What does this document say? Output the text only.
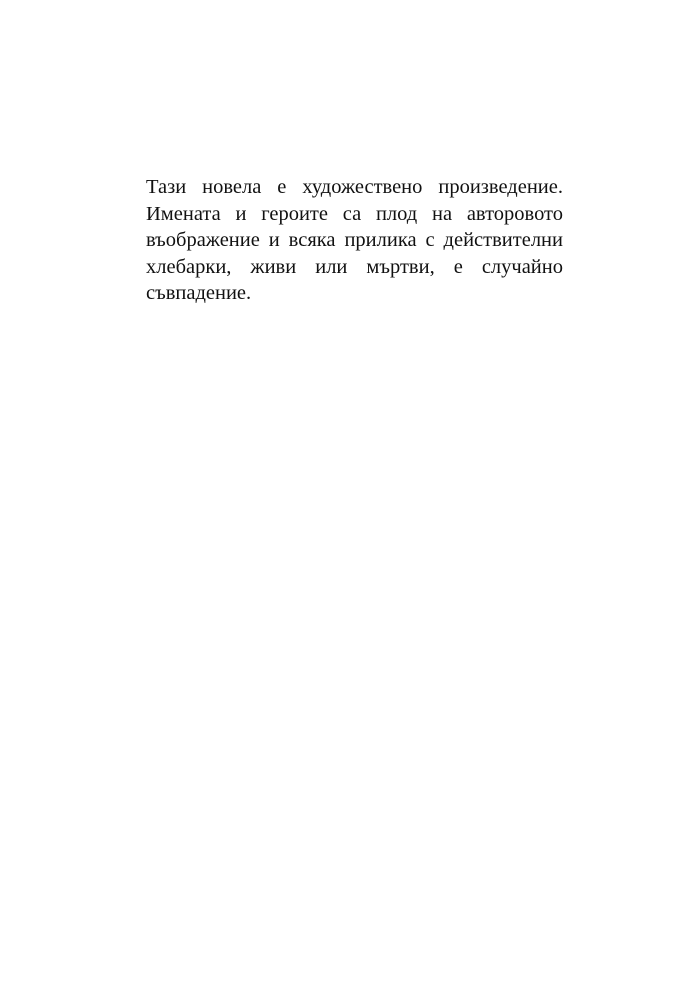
Тази новела е художествено произведение.
Имената и героите са плод на авторовото
въображение и всяка прилика с действителни
хлебарки, живи или мъртви, е случайно
съвпадение.
